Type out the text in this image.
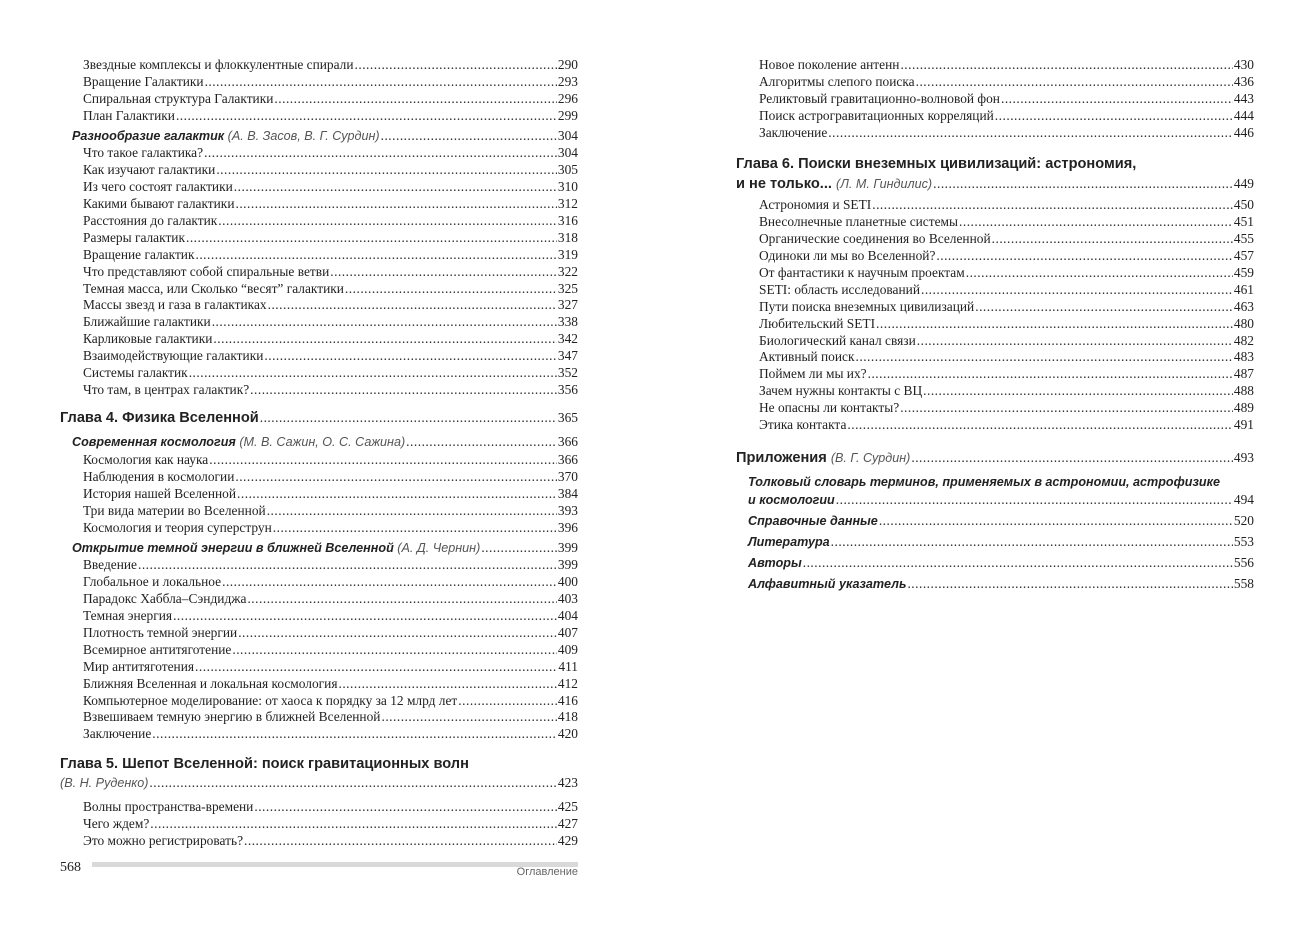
Звездные комплексы и флоккулентные спирали .....	290
Вращение Галактики .....	293
Спиральная структура Галактики .....	296
План Галактики .....	299
Разнообразие галактик (А. В. Засов, В. Г. Сурдин) .....	304
Что такое галактика? .....	304
Как изучают галактики .....	305
Из чего состоят галактики .....	310
Какими бывают галактики .....	312
Расстояния до галактик .....	316
Размеры галактик .....	318
Вращение галактик .....	319
Что представляют собой спиральные ветви .....	322
Темная масса, или Сколько “весят” галактики .....	325
Массы звезд и газа в галактиках .....	327
Ближайшие галактики .....	338
Карликовые галактики .....	342
Взаимодействующие галактики .....	347
Системы галактик .....	352
Что там, в центрах галактик? .....	356
Глава 4. Физика Вселенной .....	365
Современная космология (М. В. Сажин, О. С. Сажина) .....	366
Космология как наука .....	366
Наблюдения в космологии .....	370
История нашей Вселенной .....	384
Три вида материи во Вселенной .....	393
Космология и теория суперструн .....	396
Открытие темной энергии в ближней Вселенной (А. Д. Чернин) .....	399
Введение .....	399
Глобальное и локальное .....	400
Парадокс Хаббла–Сэндиджа .....	403
Темная энергия .....	404
Плотность темной энергии .....	407
Всемирное антитяготение .....	409
Мир антитяготения .....	411
Ближняя Вселенная и локальная космология .....	412
Компьютерное моделирование: от хаоса к порядку за 12 млрд лет .....	416
Взвешиваем темную энергию в ближней Вселенной .....	418
Заключение .....	420
Глава 5. Шепот Вселенной: поиск гравитационных волн
(В. Н. Руденко) .....	423
Волны пространства-времени .....	425
Чего ждем? .....	427
Это можно регистрировать? .....	429
568	Оглавление
Новое поколение антенн .....	430
Алгоритмы слепого поиска .....	436
Реликтовый гравитационно-волновой фон .....	443
Поиск астрогравитационных корреляций .....	444
Заключение .....	446
Глава 6. Поиски внеземных цивилизаций: астрономия,
и не только... (Л. М. Гиндилис) .....	449
Астрономия и SETI .....	450
Внесолнечные планетные системы .....	451
Органические соединения во Вселенной .....	455
Одиноки ли мы во Вселенной? .....	457
От фантастики к научным проектам .....	459
SETI: область исследований .....	461
Пути поиска внеземных цивилизаций .....	463
Любительский SETI .....	480
Биологический канал связи .....	482
Активный поиск .....	483
Поймем ли мы их? .....	487
Зачем нужны контакты с ВЦ .....	488
Не опасны ли контакты? .....	489
Этика контакта .....	491
Приложения (В. Г. Сурдин) .....	493
Толковый словарь терминов, применяемых в астрономии, астрофизике
и космологии .....	494
Справочные данные .....	520
Литература .....	553
Авторы .....	556
Алфавитный указатель .....	558
